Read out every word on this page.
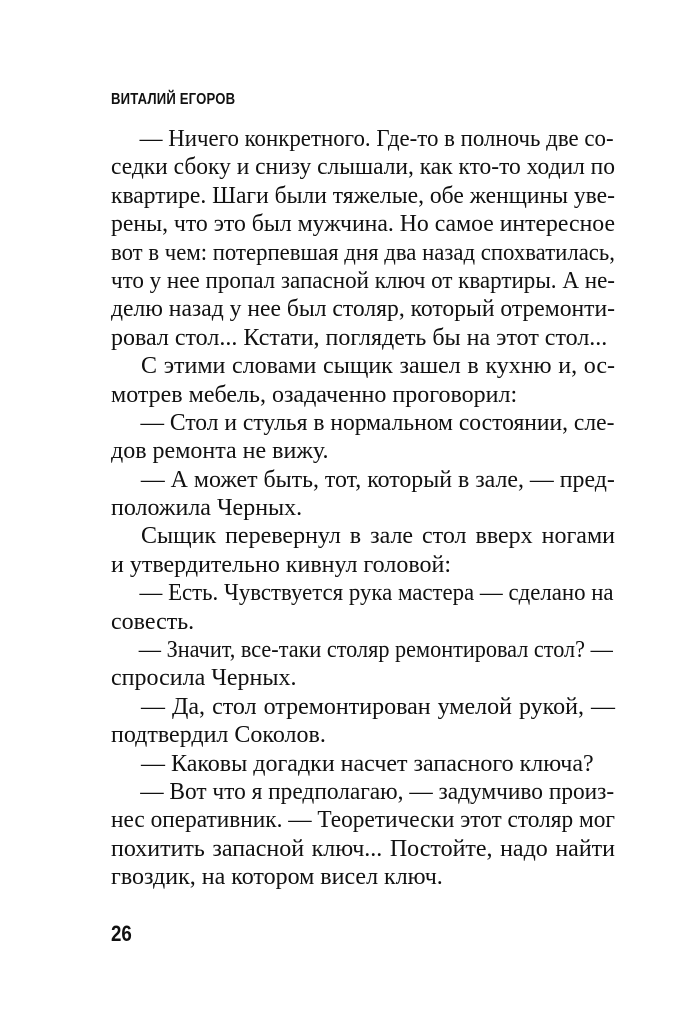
ВИТАЛИЙ ЕГОРОВ
— Ничего конкретного. Где-то в полночь две со-
седки сбоку и снизу слышали, как кто-то ходил по
квартире. Шаги были тяжелые, обе женщины уве-
рены, что это был мужчина. Но самое интересное
вот в чем: потерпевшая дня два назад спохватилась,
что у нее пропал запасной ключ от квартиры. А не-
делю назад у нее был столяр, который отремонти-
ровал стол... Кстати, поглядеть бы на этот стол...
С этими словами сыщик зашел в кухню и, ос-
мотрев мебель, озадаченно проговорил:
— Стол и стулья в нормальном состоянии, сле-
дов ремонта не вижу.
— А может быть, тот, который в зале, — пред-
положила Черных.
Сыщик перевернул в зале стол вверх ногами
и утвердительно кивнул головой:
— Есть. Чувствуется рука мастера — сделано на
совесть.
— Значит, все-таки столяр ремонтировал стол? —
спросила Черных.
— Да, стол отремонтирован умелой рукой, —
подтвердил Соколов.
— Каковы догадки насчет запасного ключа?
— Вот что я предполагаю, — задумчиво произ-
нес оперативник. — Теоретически этот столяр мог
похитить запасной ключ... Постойте, надо найти
гвоздик, на котором висел ключ.
26
